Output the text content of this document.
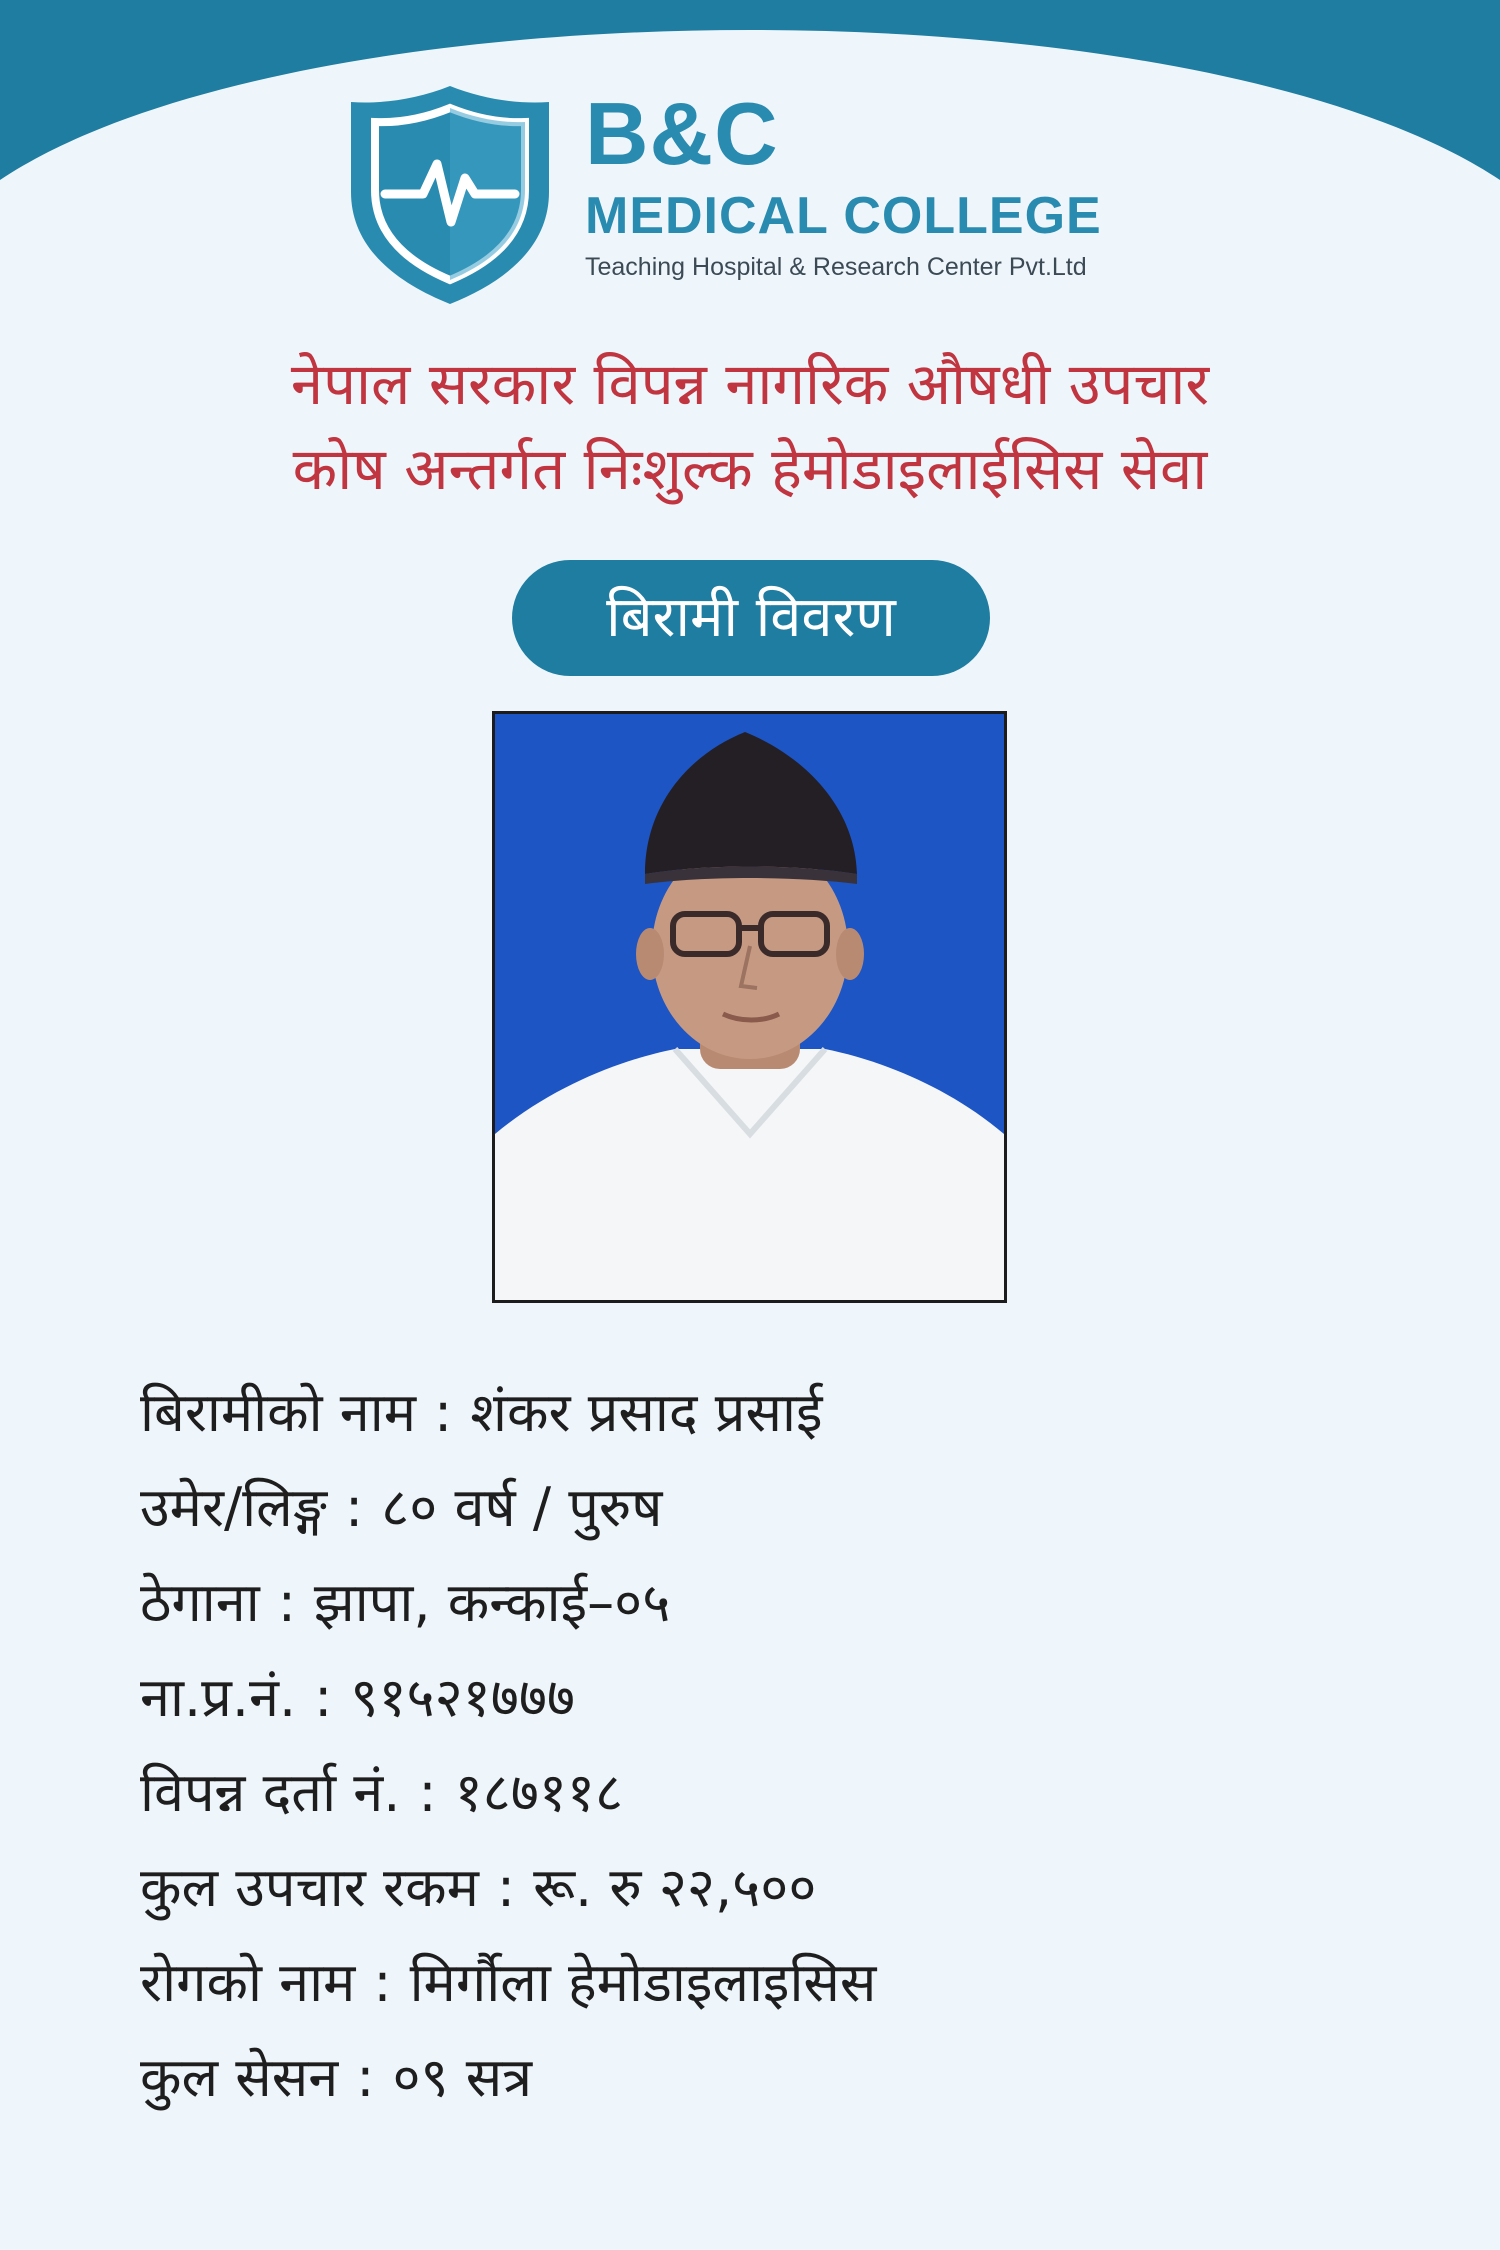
B&C
MEDICAL COLLEGE
Teaching Hospital & Research Center Pvt.Ltd
नेपाल सरकार विपन्न नागरिक औषधी उपचार
कोष अन्तर्गत निःशुल्क हेमोडाइलाईसिस सेवा
बिरामी विवरण
बिरामीको नाम : शंकर प्रसाद प्रसाई
उमेर/लिङ्ग : ८० वर्ष / पुरुष
ठेगाना : झापा, कन्काई–०५
ना.प्र.नं. : ९१५२१७७७
विपन्न दर्ता नं. : १८७११८
कुल उपचार रकम : रू. रु २२,५००
रोगको नाम : मिर्गौला हेमोडाइलाइसिस
कुल सेसन : ०९ सत्र
